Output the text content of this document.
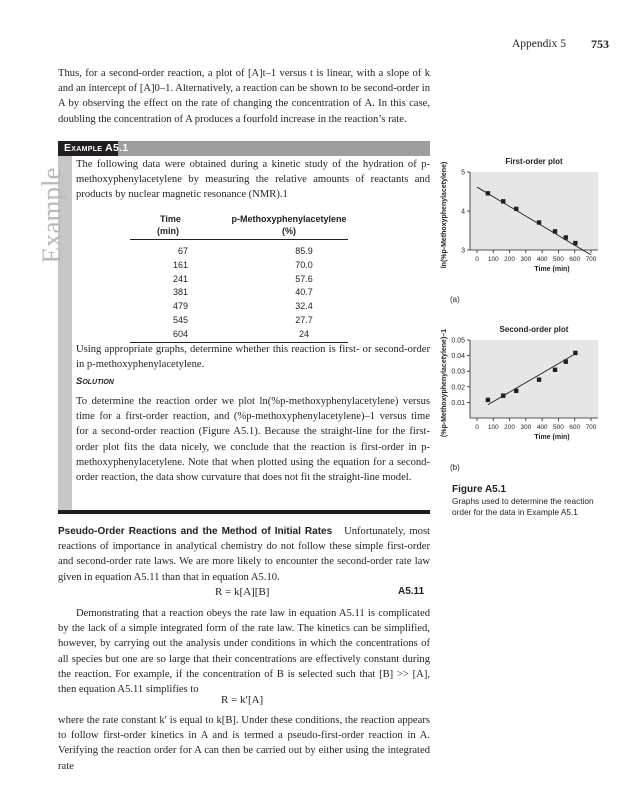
Appendix 5 753

Thus, for a second-order reaction, a plot of [A]t–1 versus t is linear, with a slope of k and an intercept of [A]0–1. Alternatively, a reaction can be shown to be second-order in A by observing the effect on the rate of changing the concentration of A. In this case, doubling the concentration of A produces a fourfold increase in the reaction’s rate.

Example A5.1
Example

The following data were obtained during a kinetic study of the hydration of p-methoxyphenylacetylene by measuring the relative amounts of reactants and products by nuclear magnetic resonance (NMR).1

Time	p-Methoxyphenylacetylene
(min)	(%)
67	85.9
161	70.0
241	57.6
381	40.7
479	32.4
545	27.7
604	24

Using appropriate graphs, determine whether this reaction is first- or second-order in p-methoxyphenylacetylene.

Solution

To determine the reaction order we plot ln(%p-methoxyphenylacetylene) versus time for a first-order reaction, and (%p-methoxyphenylacetylene)–1 versus time for a second-order reaction (Figure A5.1). Because the straight-line for the first-order plot fits the data nicely, we conclude that the reaction is first-order in p-methoxyphenylacetylene. Note that when plotted using the equation for a second-order reaction, the data show curvature that does not fit the straight-line model.

First-order plot
3
4
5
0 100 200 300 400 500 600 700
Time (min)
ln(%p-Methoxyphenylacetylene)
(a)
Second-order plot
0.01
0.02
0.03
0.04
0.05
0 100 200 300 400 500 600 700
Time (min)
(%p-Methoxyphenylacetylene)–1
(b)
Figure A5.1
Graphs used to determine the reaction order for the data in Example A5.1

Pseudo-Order Reactions and the Method of Initial Rates Unfortunately, most reactions of importance in analytical chemistry do not follow these simple first-order and second-order rate laws. We are more likely to encounter the second-order rate law given in equation A5.11 than that in equation A5.10.

R = k[A][B]	A5.11

Demonstrating that a reaction obeys the rate law in equation A5.11 is complicated by the lack of a simple integrated form of the rate law. The kinetics can be simplified, however, by carrying out the analysis under conditions in which the concentrations of all species but one are so large that their concentrations are effectively constant during the reaction. For example, if the concentration of B is selected such that [B] >> [A], then equation A5.11 simplifies to

R = k′[A]

where the rate constant k′ is equal to k[B]. Under these conditions, the reaction appears to follow first-order kinetics in A and is termed a pseudo-first-order reaction in A. Verifying the reaction order for A can then be carried out by either using the integrated rate
